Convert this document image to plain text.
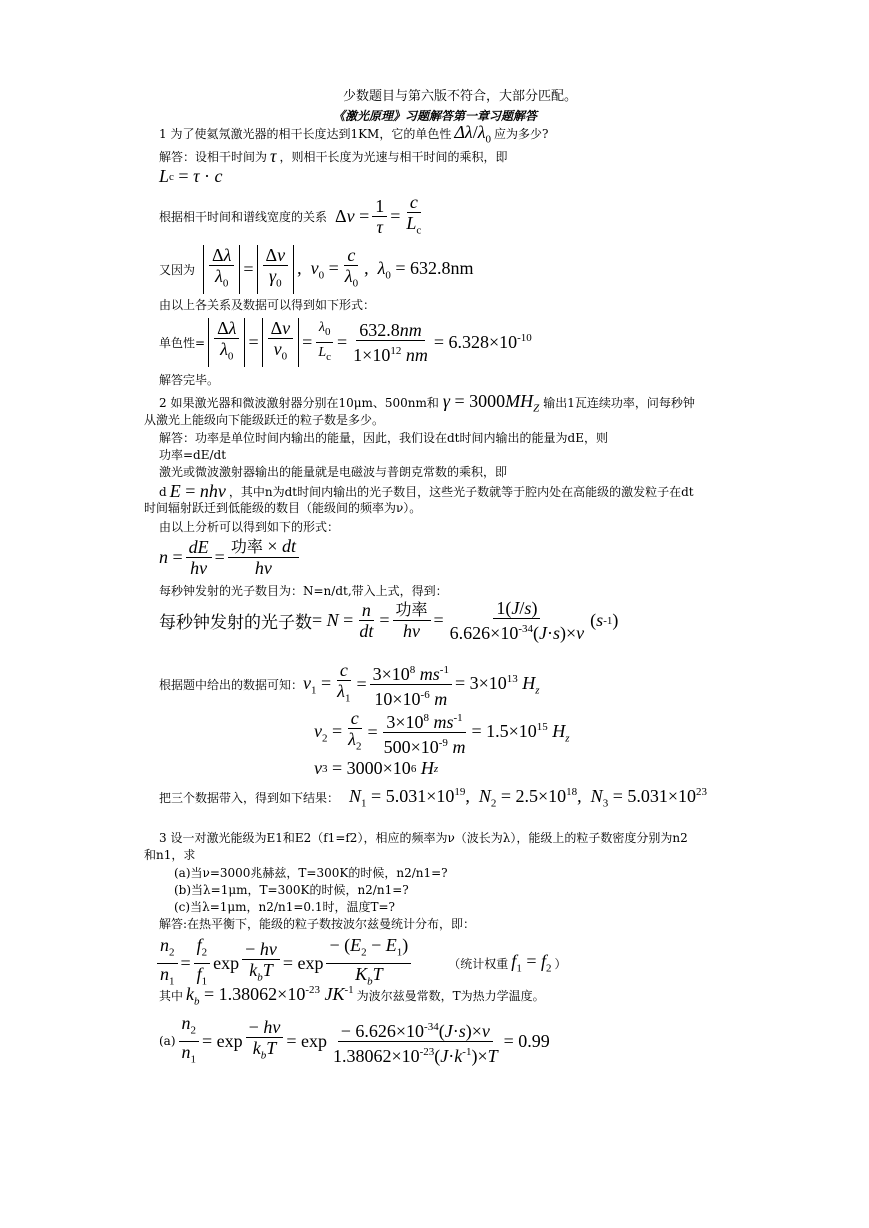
少数题目与第六版不符合，大部分匹配。
《激光原理》习题解答第一章习题解答
1 为了使氦氖激光器的相干长度达到1KM，它的单色性 $\Delta\lambda/\lambda_0$ 应为多少?
解答：设相干时间为 τ ，则相干长度为光速与相干时间的乘积，即
L c = τ · c
根据相干时间和谱线宽度的关系 $\Delta\nu = \frac{1}{\tau} = \frac{c}{L_c}$
又因为 $\frac{\Delta\lambda}{\lambda_0} = \frac{\Delta\nu}{\gamma_0}$ ,  $\nu_0 = \frac{c}{\lambda_0}$ ,  $\lambda_0 = 632.8nm$
由以上各关系及数据可以得到如下形式：
单色性= $\frac{\Delta\lambda}{\lambda_0} = \frac{\Delta\nu}{\nu_0} = \frac{\lambda_0}{L_c} = \frac{632.8nm}{1\times 10^{12} nm} = 6.328\times 10^{-10}$
解答完毕。
2 如果激光器和微波激射器分别在10μm、500nm和 $\gamma = 3000MH_Z$ 输出1瓦连续功率，问每秒钟
从激光上能级向下能级跃迁的粒子数是多少。
解答：功率是单位时间内输出的能量，因此，我们设在dt时间内输出的能量为dE，则
功率=dE/dt
激光或微波激射器输出的能量就是电磁波与普朗克常数的乘积，即
d E = nhν ，其中n为dt时间内输出的光子数目，这些光子数就等于腔内处在高能级的激发粒子在dt
时间辐射跃迁到低能级的数目（能级间的频率为ν）。
由以上分析可以得到如下的形式：
$n = \frac{dE}{h\nu} = \frac{\text{功率 × dt}}{h\nu}$
每秒钟发射的光子数目为：N=n/dt,带入上式，得到：
每秒钟发射的光子数 = $N = \frac{n}{dt} = \frac{\text{功率}}{h\nu} = \frac{1(J/s)}{6.626\times 10^{-34}(J\cdot s)\times\nu}$ ( s -1 )
根据题中给出的数据可知： $\nu_1 = \frac{c}{\lambda_1} = \frac{3\times 10^8 ms^{-1}}{10\times 10^{-6} m} = 3\times 10^{13}$ $H_z$
$\nu_2 = \frac{c}{\lambda_2} = \frac{3\times 10^8 ms^{-1}}{500\times 10^{-9} m} = 1.5\times 10^{15}$ $H_z$
ν 3 = 3000×10 6
H z
把三个数据带入，得到如下结果： $N_1 = 5.031\times 10^{19}$ ,  $N_2 = 2.5\times 10^{18}$ ,  $N_3 = 5.031\times 10^{23}$
3 设一对激光能级为E1和E2（f1=f2），相应的频率为ν（波长为λ），能级上的粒子数密度分别为n2
和n1，求
(a)当ν=3000兆赫兹，T=300K的时候，n2/n1=?
(b)当λ=1μm，T=300K的时候，n2/n1=?
(c)当λ=1μm，n2/n1=0.1时，温度T=?
解答:在热平衡下，能级的粒子数按波尔兹曼统计分布，即：
$\frac{n_2}{n_1} = \frac{f_2}{f_1}$ $\exp \frac{- h\nu}{k_bT} = \exp \frac{- (E_2 - E_1)}{K_bT}$	（统计权重 $f_1 = f_2$ ）
其中 $k_b = 1.38062\times 10^{-23}$ $JK^{-1}$ 为波尔兹曼常数，T为热力学温度。
$(a) \frac{n_2}{n_1} = \exp \frac{- h\nu}{k_bT} = \exp \frac{- 6.626\times 10^{-34}(J\cdot s)\times\nu}{1.38062\times 10^{-23}(J\cdot k^{-1})\times T} = 0.99$
